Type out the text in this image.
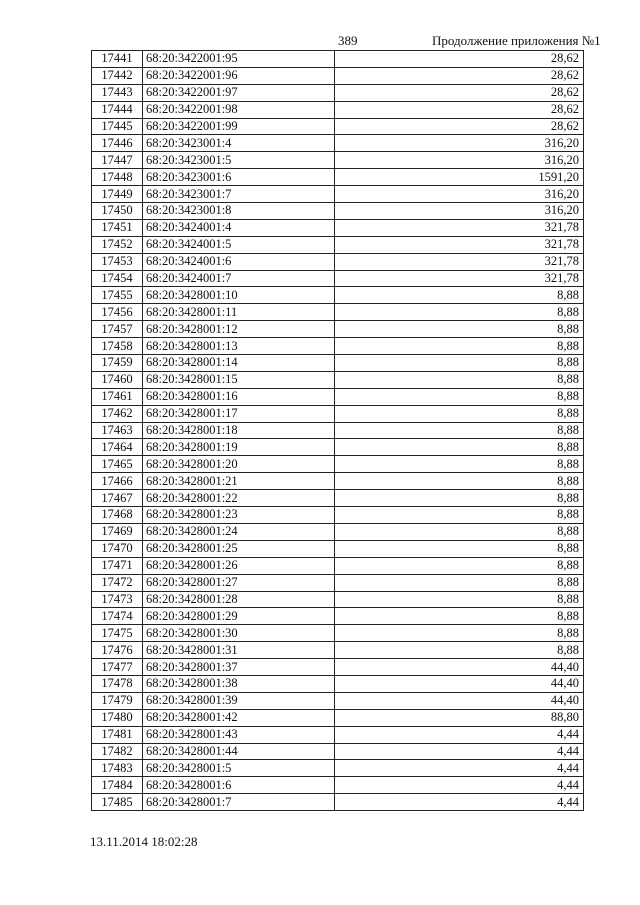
389	Продолжение приложения №1
17441	68:20:3422001:95	28,62
17442	68:20:3422001:96	28,62
17443	68:20:3422001:97	28,62
17444	68:20:3422001:98	28,62
17445	68:20:3422001:99	28,62
17446	68:20:3423001:4	316,20
17447	68:20:3423001:5	316,20
17448	68:20:3423001:6	1591,20
17449	68:20:3423001:7	316,20
17450	68:20:3423001:8	316,20
17451	68:20:3424001:4	321,78
17452	68:20:3424001:5	321,78
17453	68:20:3424001:6	321,78
17454	68:20:3424001:7	321,78
17455	68:20:3428001:10	8,88
17456	68:20:3428001:11	8,88
17457	68:20:3428001:12	8,88
17458	68:20:3428001:13	8,88
17459	68:20:3428001:14	8,88
17460	68:20:3428001:15	8,88
17461	68:20:3428001:16	8,88
17462	68:20:3428001:17	8,88
17463	68:20:3428001:18	8,88
17464	68:20:3428001:19	8,88
17465	68:20:3428001:20	8,88
17466	68:20:3428001:21	8,88
17467	68:20:3428001:22	8,88
17468	68:20:3428001:23	8,88
17469	68:20:3428001:24	8,88
17470	68:20:3428001:25	8,88
17471	68:20:3428001:26	8,88
17472	68:20:3428001:27	8,88
17473	68:20:3428001:28	8,88
17474	68:20:3428001:29	8,88
17475	68:20:3428001:30	8,88
17476	68:20:3428001:31	8,88
17477	68:20:3428001:37	44,40
17478	68:20:3428001:38	44,40
17479	68:20:3428001:39	44,40
17480	68:20:3428001:42	88,80
17481	68:20:3428001:43	4,44
17482	68:20:3428001:44	4,44
17483	68:20:3428001:5	4,44
17484	68:20:3428001:6	4,44
17485	68:20:3428001:7	4,44
13.11.2014 18:02:28
